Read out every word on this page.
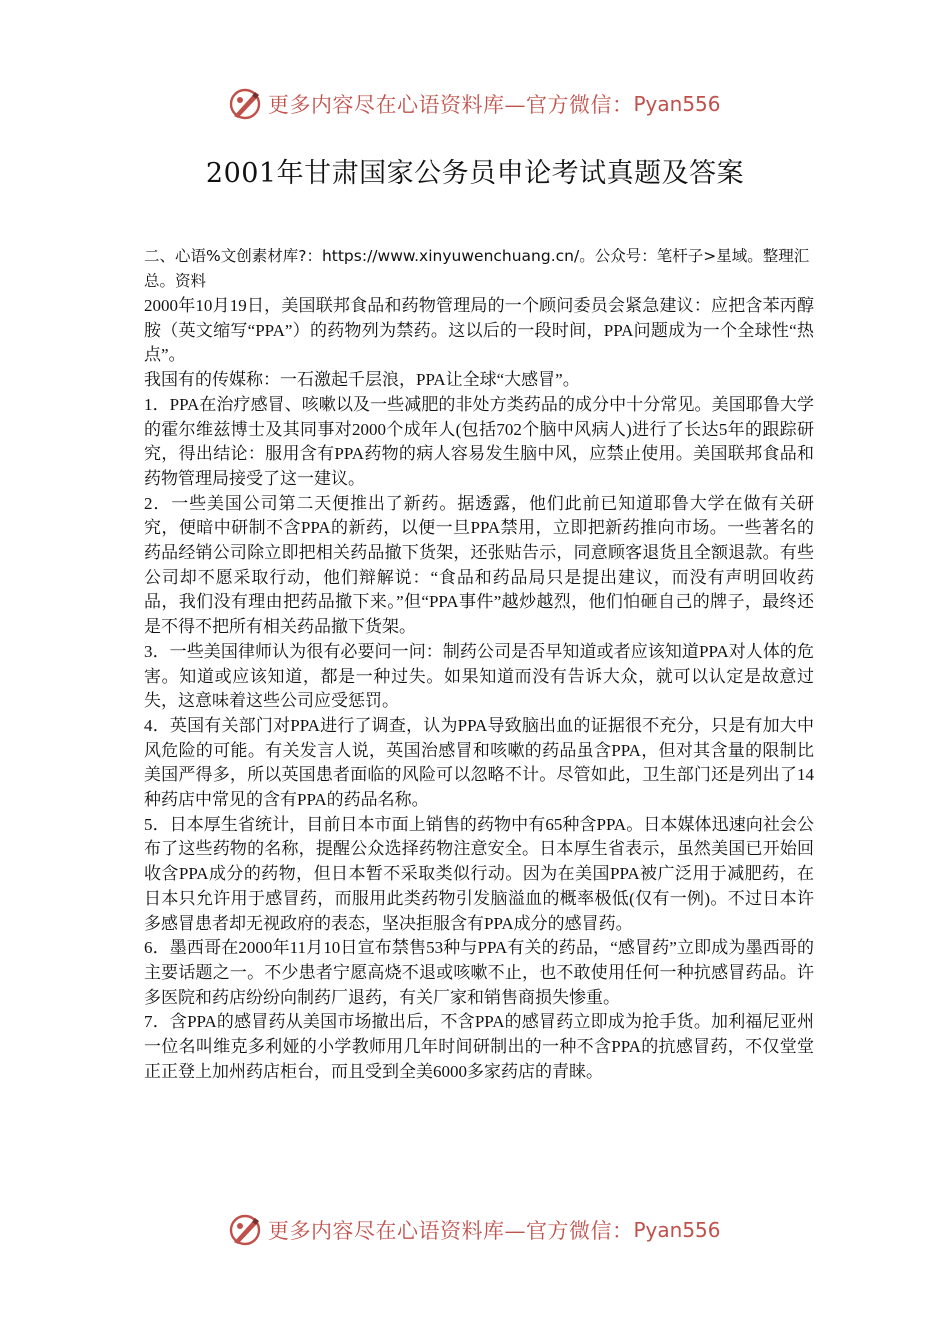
更多内容尽在心语资料库—官方微信： Pyan556
2001年甘肃国家公务员申论考试真题及答案

二、心语%文创素材库?：https://www.xinyuwenchuang.cn/。公众号：笔杆子>星域。整理汇总。资料

2000年10月19日，美国联邦食品和药物管理局的一个顾问委员会紧急建议：应把含苯丙醇胺（英文缩写“PPA”）的药物列为禁药。这以后的一段时间，PPA问题成为一个全球性“热点”。

我国有的传媒称：一石激起千层浪，PPA让全球“大感冒”。

1．PPA在治疗感冒、咳嗽以及一些减肥的非处方类药品的成分中十分常见。美国耶鲁大学的霍尔维兹博士及其同事对2000个成年人(包括702个脑中风病人)进行了长达5年的跟踪研究，得出结论：服用含有PPA药物的病人容易发生脑中风，应禁止使用。美国联邦食品和药物管理局接受了这一建议。

2．一些美国公司第二天便推出了新药。据透露，他们此前已知道耶鲁大学在做有关研究，便暗中研制不含PPA的新药，以便一旦PPA禁用，立即把新药推向市场。一些著名的药品经销公司除立即把相关药品撤下货架，还张贴告示，同意顾客退货且全额退款。有些公司却不愿采取行动，他们辩解说：“食品和药品局只是提出建议，而没有声明回收药品，我们没有理由把药品撤下来。”但“PPA事件”越炒越烈，他们怕砸自己的牌子，最终还是不得不把所有相关药品撤下货架。

3．一些美国律师认为很有必要问一问：制药公司是否早知道或者应该知道PPA对人体的危害。知道或应该知道，都是一种过失。如果知道而没有告诉大众，就可以认定是故意过失，这意味着这些公司应受惩罚。

4．英国有关部门对PPA进行了调查，认为PPA导致脑出血的证据很不充分，只是有加大中风危险的可能。有关发言人说，英国治感冒和咳嗽的药品虽含PPA，但对其含量的限制比美国严得多，所以英国患者面临的风险可以忽略不计。尽管如此，卫生部门还是列出了14种药店中常见的含有PPA的药品名称。

5．日本厚生省统计，目前日本市面上销售的药物中有65种含PPA。日本媒体迅速向社会公布了这些药物的名称，提醒公众选择药物注意安全。日本厚生省表示，虽然美国已开始回收含PPA成分的药物，但日本暂不采取类似行动。因为在美国PPA被广泛用于减肥药，在日本只允许用于感冒药，而服用此类药物引发脑溢血的概率极低(仅有一例)。不过日本许多感冒患者却无视政府的表态，坚决拒服含有PPA成分的感冒药。

6．墨西哥在2000年11月10日宣布禁售53种与PPA有关的药品，“感冒药”立即成为墨西哥的主要话题之一。不少患者宁愿高烧不退或咳嗽不止，也不敢使用任何一种抗感冒药品。许多医院和药店纷纷向制药厂退药，有关厂家和销售商损失惨重。

7．含PPA的感冒药从美国市场撤出后，不含PPA的感冒药立即成为抢手货。加利福尼亚州一位名叫维克多利娅的小学教师用几年时间研制出的一种不含PPA的抗感冒药，不仅堂堂正正登上加州药店柜台，而且受到全美6000多家药店的青睐。

更多内容尽在心语资料库—官方微信： Pyan556
